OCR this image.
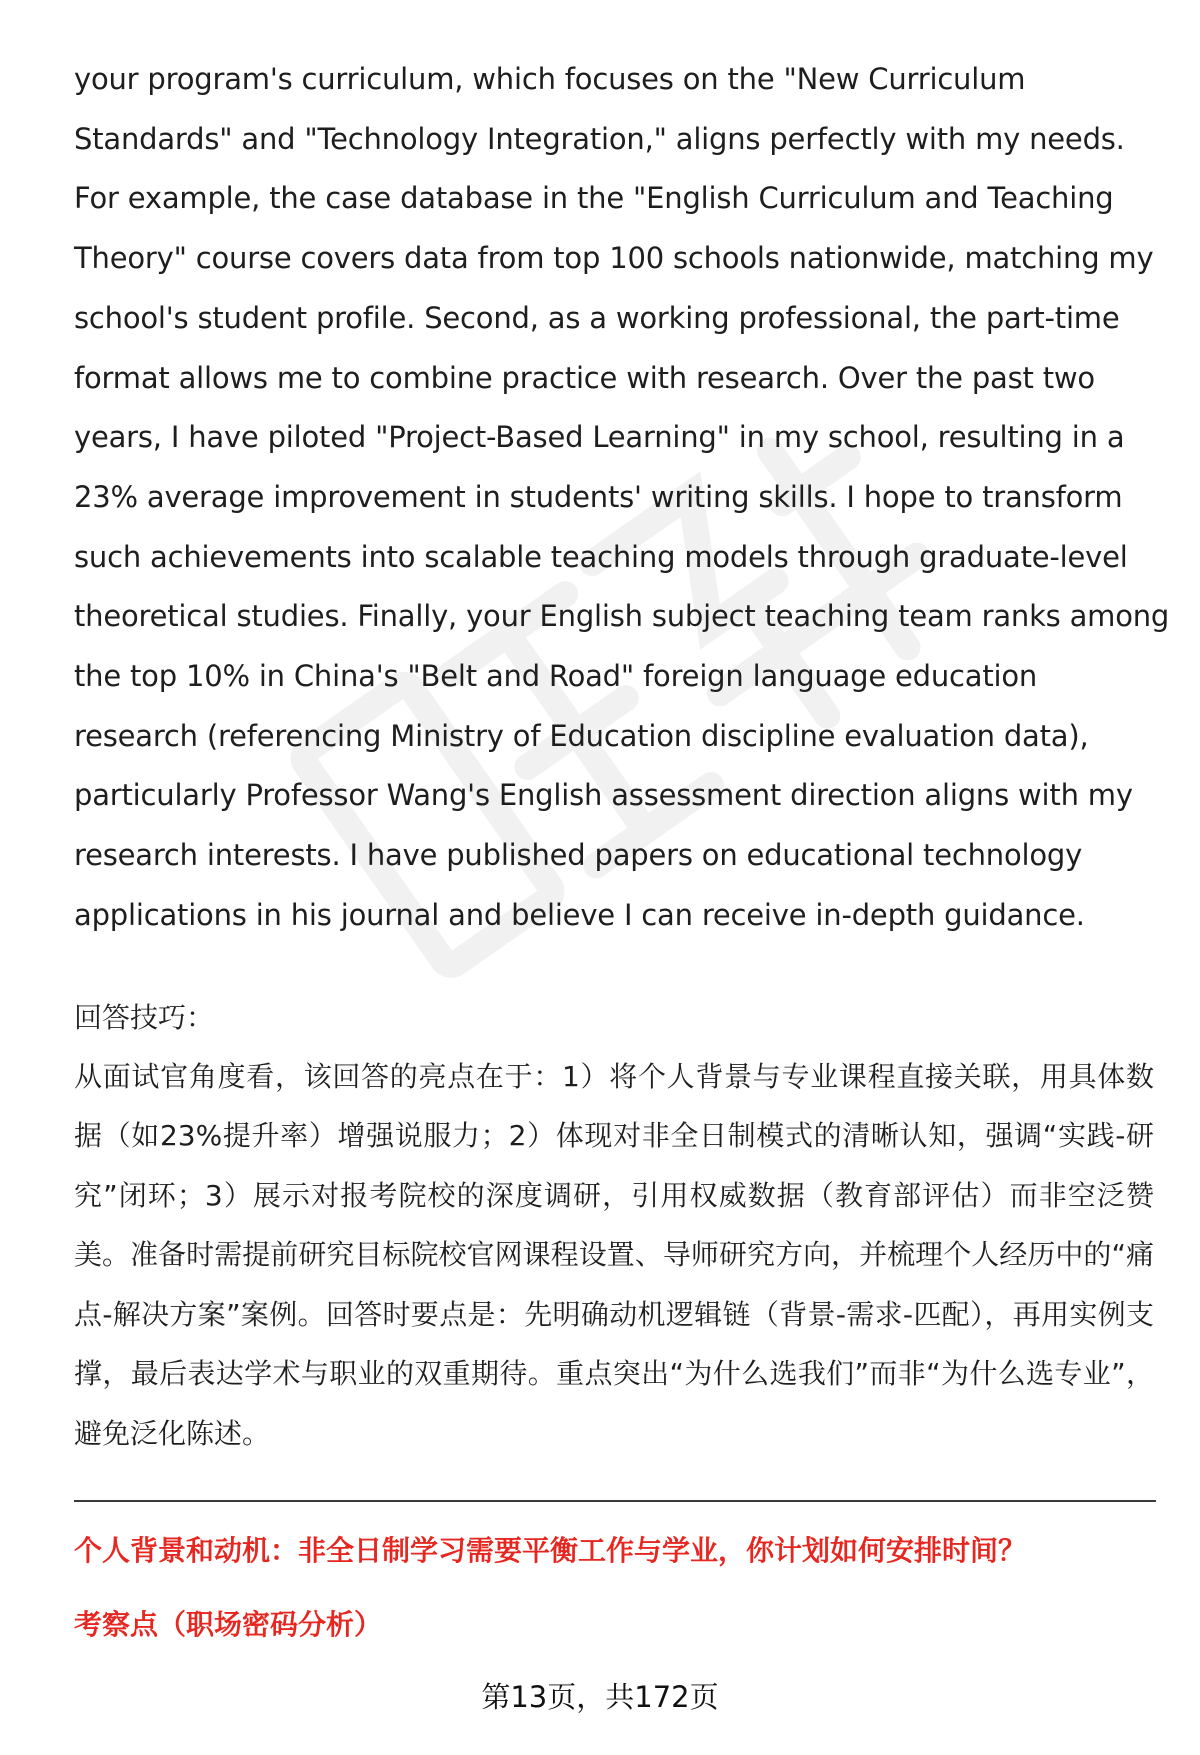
your program's curriculum, which focuses on the "New Curriculum
Standards" and "Technology Integration," aligns perfectly with my needs.
For example, the case database in the "English Curriculum and Teaching
Theory" course covers data from top 100 schools nationwide, matching my
school's student profile. Second, as a working professional, the part-time
format allows me to combine practice with research. Over the past two
years, I have piloted "Project-Based Learning" in my school, resulting in a
23% average improvement in students' writing skills. I hope to transform
such achievements into scalable teaching models through graduate-level
theoretical studies. Finally, your English subject teaching team ranks among
the top 10% in China's "Belt and Road" foreign language education
research (referencing Ministry of Education discipline evaluation data),
particularly Professor Wang's English assessment direction aligns with my
research interests. I have published papers on educational technology
applications in his journal and believe I can receive in-depth guidance.

回答技巧：

从面试官角度看，该回答的亮点在于：1）将个人背景与专业课程直接关联，用具体数据（如23%提升率）增强说服力；2）体现对非全日制模式的清晰认知，强调“实践-研究”闭环；3）展示对报考院校的深度调研，引用权威数据（教育部评估）而非空泛赞美。准备时需提前研究目标院校官网课程设置、导师研究方向，并梳理个人经历中的“痛点-解决方案”案例。回答时要点是：先明确动机逻辑链（背景-需求-匹配），再用实例支撑，最后表达学术与职业的双重期待。重点突出“为什么选我们”而非“为什么选专业”，避免泛化陈述。

个人背景和动机：非全日制学习需要平衡工作与学业，你计划如何安排时间？
考察点（职场密码分析）
第13页，共172页
